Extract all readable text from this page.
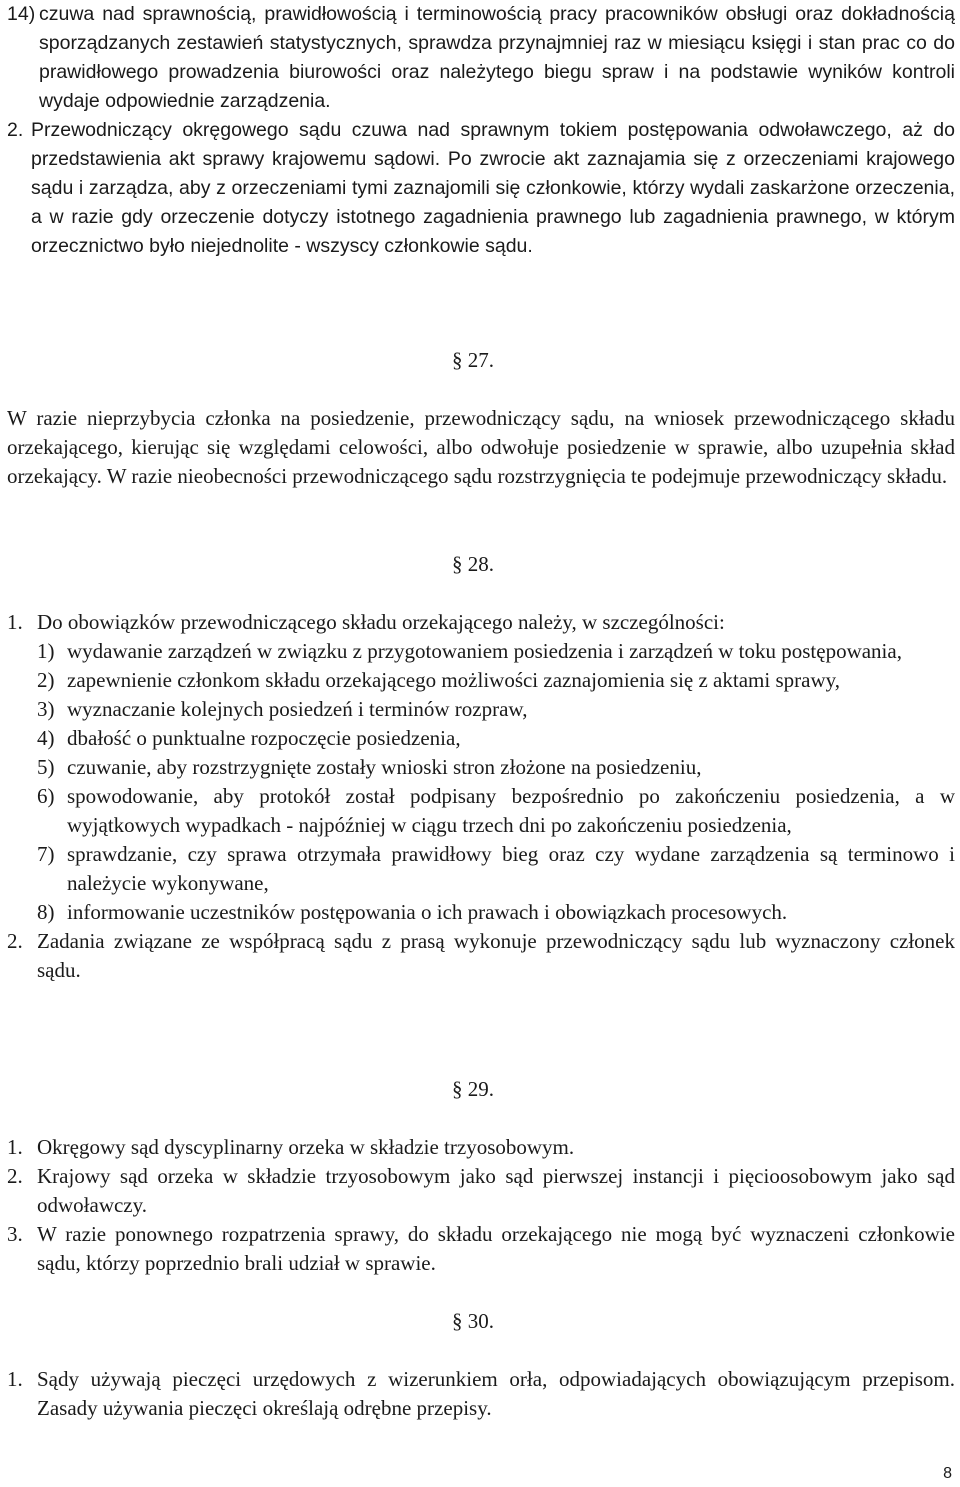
14) czuwa nad sprawnością, prawidłowością i terminowością pracy pracowników obsługi oraz dokładnością sporządzanych zestawień statystycznych, sprawdza przynajmniej raz w miesiącu księgi i stan prac co do prawidłowego prowadzenia biurowości oraz należytego biegu spraw i na podstawie wyników kontroli wydaje odpowiednie zarządzenia.
2. Przewodniczący okręgowego sądu czuwa nad sprawnym tokiem postępowania odwoławczego, aż do przedstawienia akt sprawy krajowemu sądowi. Po zwrocie akt zaznajamia się z orzeczeniami krajowego sądu i zarządza, aby z orzeczeniami tymi zaznajomili się członkowie, którzy wydali zaskarżone orzeczenia, a w razie gdy orzeczenie dotyczy istotnego zagadnienia prawnego lub zagadnienia prawnego, w którym orzecznictwo było niejednolite - wszyscy członkowie sądu.
§ 27.

W razie nieprzybycia członka na posiedzenie, przewodniczący sądu, na wniosek przewodniczącego składu orzekającego, kierując się względami celowości, albo odwołuje posiedzenie w sprawie, albo uzupełnia skład orzekający. W razie nieobecności przewodniczącego sądu rozstrzygnięcia te podejmuje przewodniczący składu.

§ 28.
1. Do obowiązków przewodniczącego składu orzekającego należy, w szczególności:
1) wydawanie zarządzeń w związku z przygotowaniem posiedzenia i zarządzeń w toku postępowania,
2) zapewnienie członkom składu orzekającego możliwości zaznajomienia się z aktami sprawy,
3) wyznaczanie kolejnych posiedzeń i terminów rozpraw,
4) dbałość o punktualne rozpoczęcie posiedzenia,
5) czuwanie, aby rozstrzygnięte zostały wnioski stron złożone na posiedzeniu,
6) spowodowanie, aby protokół został podpisany bezpośrednio po zakończeniu posiedzenia, a w wyjątkowych wypadkach - najpóźniej w ciągu trzech dni po zakończeniu posiedzenia,
7) sprawdzanie, czy sprawa otrzymała prawidłowy bieg oraz czy wydane zarządzenia są terminowo i należycie wykonywane,
8) informowanie uczestników postępowania o ich prawach i obowiązkach procesowych.
2. Zadania związane ze współpracą sądu z prasą wykonuje przewodniczący sądu lub wyznaczony członek sądu.
§ 29.
1. Okręgowy sąd dyscyplinarny orzeka w składzie trzyosobowym.
2. Krajowy sąd orzeka w składzie trzyosobowym jako sąd pierwszej instancji i pięcioosobowym jako sąd odwoławczy.
3. W razie ponownego rozpatrzenia sprawy, do składu orzekającego nie mogą być wyznaczeni członkowie sądu, którzy poprzednio brali udział w sprawie.
§ 30.
1. Sądy używają pieczęci urzędowych z wizerunkiem orła, odpowiadających obowiązującym przepisom. Zasady używania pieczęci określają odrębne przepisy.
8
